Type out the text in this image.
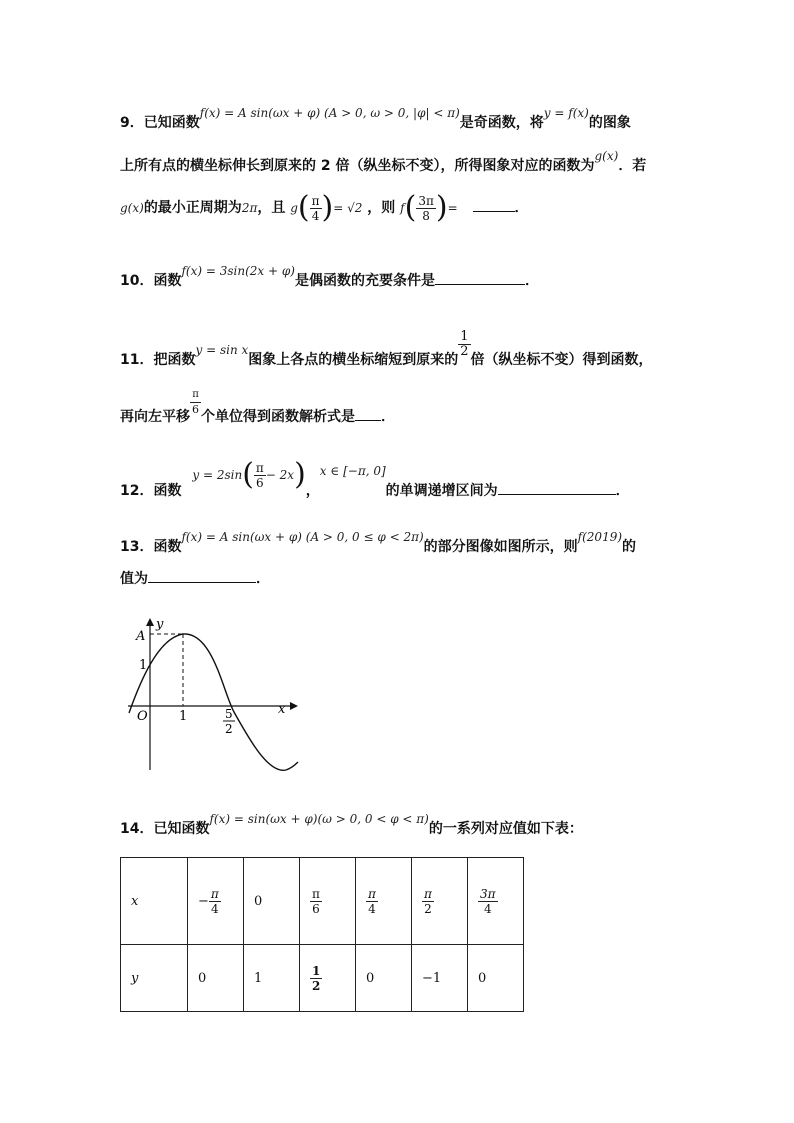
9．已知函数f(x) = A sin(ωx + φ) (A > 0, ω > 0, |φ| < π)是奇函数，将y = f(x)的图象
上所有点的横坐标伸长到原来的 2 倍（纵坐标不变），所得图象对应的函数为g(x)．若
g(x)的最小正周期为2π，且 $g( \frac{\pi}{4}$ )= √2 ，则 $f( \frac{3\pi}{8}$ )=	．
10．函数f(x) = 3sin(2x + φ)是偶函数的充要条件是	．
11．把函数y = sin x图象上各点的横坐标缩短到原来的
$\frac{1}{2}$
倍（纵坐标不变）得到函数，
再向左平移 $\frac{\pi}{6}$ 个单位得到函数解析式是 ．
12．函数 $y = 2\sin( \frac{\pi}{6} - 2x)$，x ∈ [−π, 0]的单调递增区间为	．
13．函数f(x) = A sin(ωx + φ) (A > 0, 0 ≤ φ < 2π)的部分图像如图所示，则f(2019)的
值为	．
y
A
1
O 1	5
2
x
14．已知函数f(x) = sin(ωx + φ)(ω > 0, 0 < φ < π)的一系列对应值如下表：
x	− $\frac{\pi}{4}$	0	$\frac{\pi}{6}$	$\frac{\pi}{4}$	$\frac{\pi}{2}$	$\frac{3\pi}{4}$

y	0	1	$\frac{1}{2}$	0	−1	0
